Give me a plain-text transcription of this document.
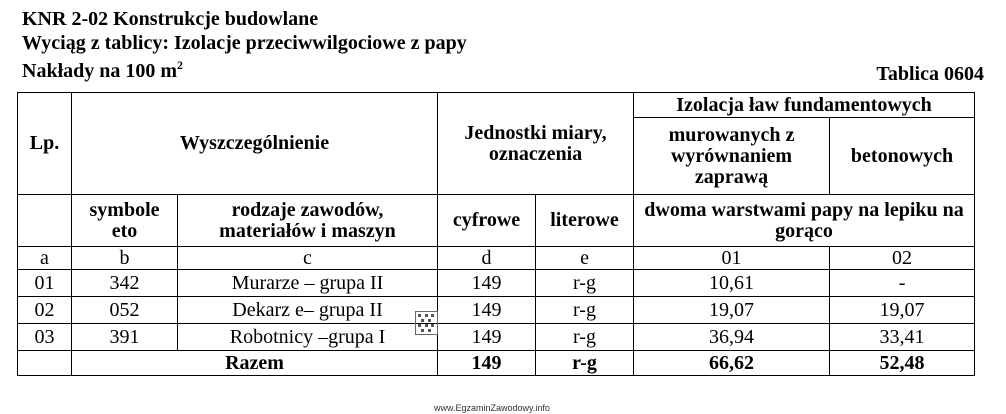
KNR 2-02 Konstrukcje budowlane
Wyciąg z tablicy: Izolacje przeciwwilgociowe z papy
Nakłady na 100 $m^2$	Tablica 0604
Lp.	Wyszczególnienie		Jednostki miary, oznaczenia		Izolacja ław fundamentowych	
					murowanych z wyrównaniem zaprawą	betonowych
	symbole eto	rodzaje zawodów, materiałów i maszyn	cyfrowe	literowe	dwoma warstwami papy na lepiku na gorąco	
a	b	c	d	e	01	02
01	342	Murarze – grupa II	149	r-g	10,61	-
02	052	Dekarz e– grupa II	149	r-g	19,07	19,07
03	391	Robotnicy –grupa I	149	r-g	36,94	33,41
	Razem		149	r-g	66,62	52,48
www.EgzaminZawodowy.info
